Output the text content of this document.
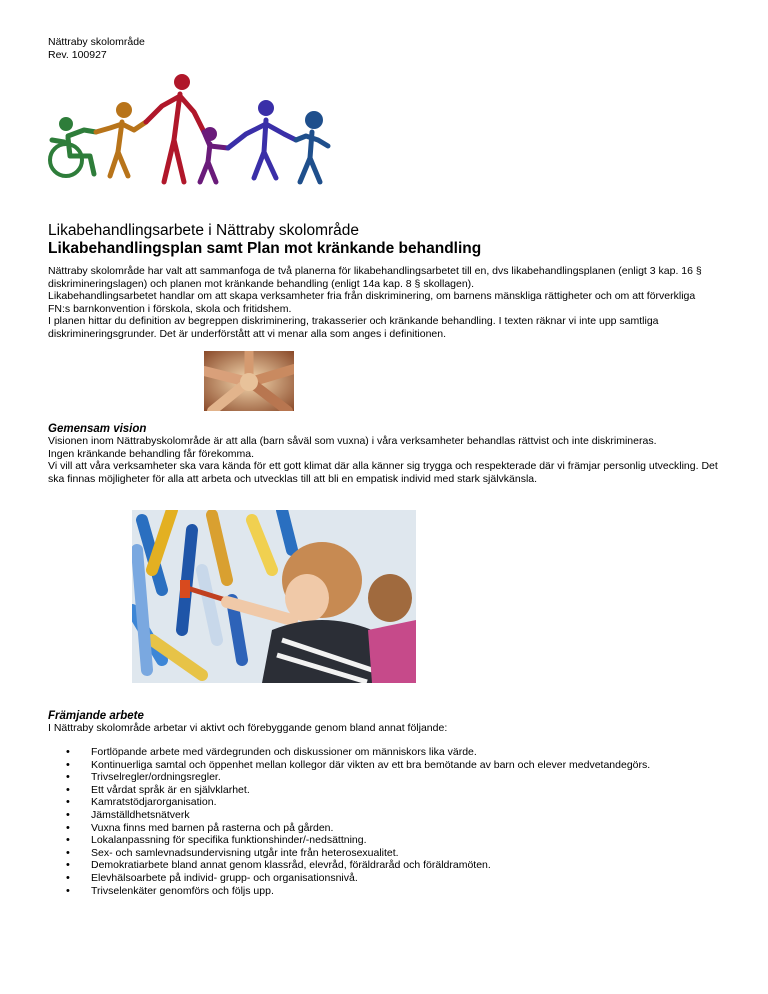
Nättraby skolområde
Rev. 100927
Likabehandlingsarbete i Nättraby skolområde
Likabehandlingsplan samt Plan mot kränkande behandling

Nättraby skolområde har valt att sammanfoga de två planerna för likabehandlingsarbetet till en, dvs likabehandlingsplanen (enligt 3 kap. 16 § diskrimineringslagen) och planen mot kränkande behandling (enligt 14a kap. 8 § skollagen).

Likabehandlingsarbetet handlar om att skapa verksamheter fria från diskriminering, om barnens mänskliga rättigheter och om att förverkliga FN:s barnkonvention i förskola, skola och fritidshem.

I planen hittar du definition av begreppen diskriminering, trakasserier och kränkande behandling. I texten räknar vi inte upp samtliga diskrimineringsgrunder. Det är underförstått att vi menar alla som anges i definitionen.

Gemensam vision

Visionen inom Nättrabyskolområde är att alla (barn såväl som vuxna) i våra verksamheter behandlas rättvist och inte diskrimineras.

Ingen kränkande behandling får förekomma.

Vi vill att våra verksamheter ska vara kända för ett gott klimat där alla känner sig trygga och respekterade där vi främjar personlig utveckling. Det ska finnas möjligheter för alla att arbeta och utvecklas till att bli en empatisk individ med stark självkänsla.

Främjande arbete
I Nättraby skolområde arbetar vi aktivt och förebyggande genom bland annat följande:
• Fortlöpande arbete med värdegrunden och diskussioner om människors lika värde.
• Kontinuerliga samtal och öppenhet mellan kollegor där vikten av ett bra bemötande av barn och elever medvetandegörs.
• Trivselregler/ordningsregler.
• Ett vårdat språk är en självklarhet.
• Kamratstödjarorganisation.
• Jämställdhetsnätverk
• Vuxna finns med barnen på rasterna och på gården.
• Lokalanpassning för specifika funktionshinder/-nedsättning.
• Sex- och samlevnadsundervisning utgår inte från heterosexualitet.
• Demokratiarbete bland annat genom klassråd, elevråd, föräldraråd och föräldramöten.
• Elevhälsoarbete på individ- grupp- och organisationsnivå.
• Trivselenkäter genomförs och följs upp.
